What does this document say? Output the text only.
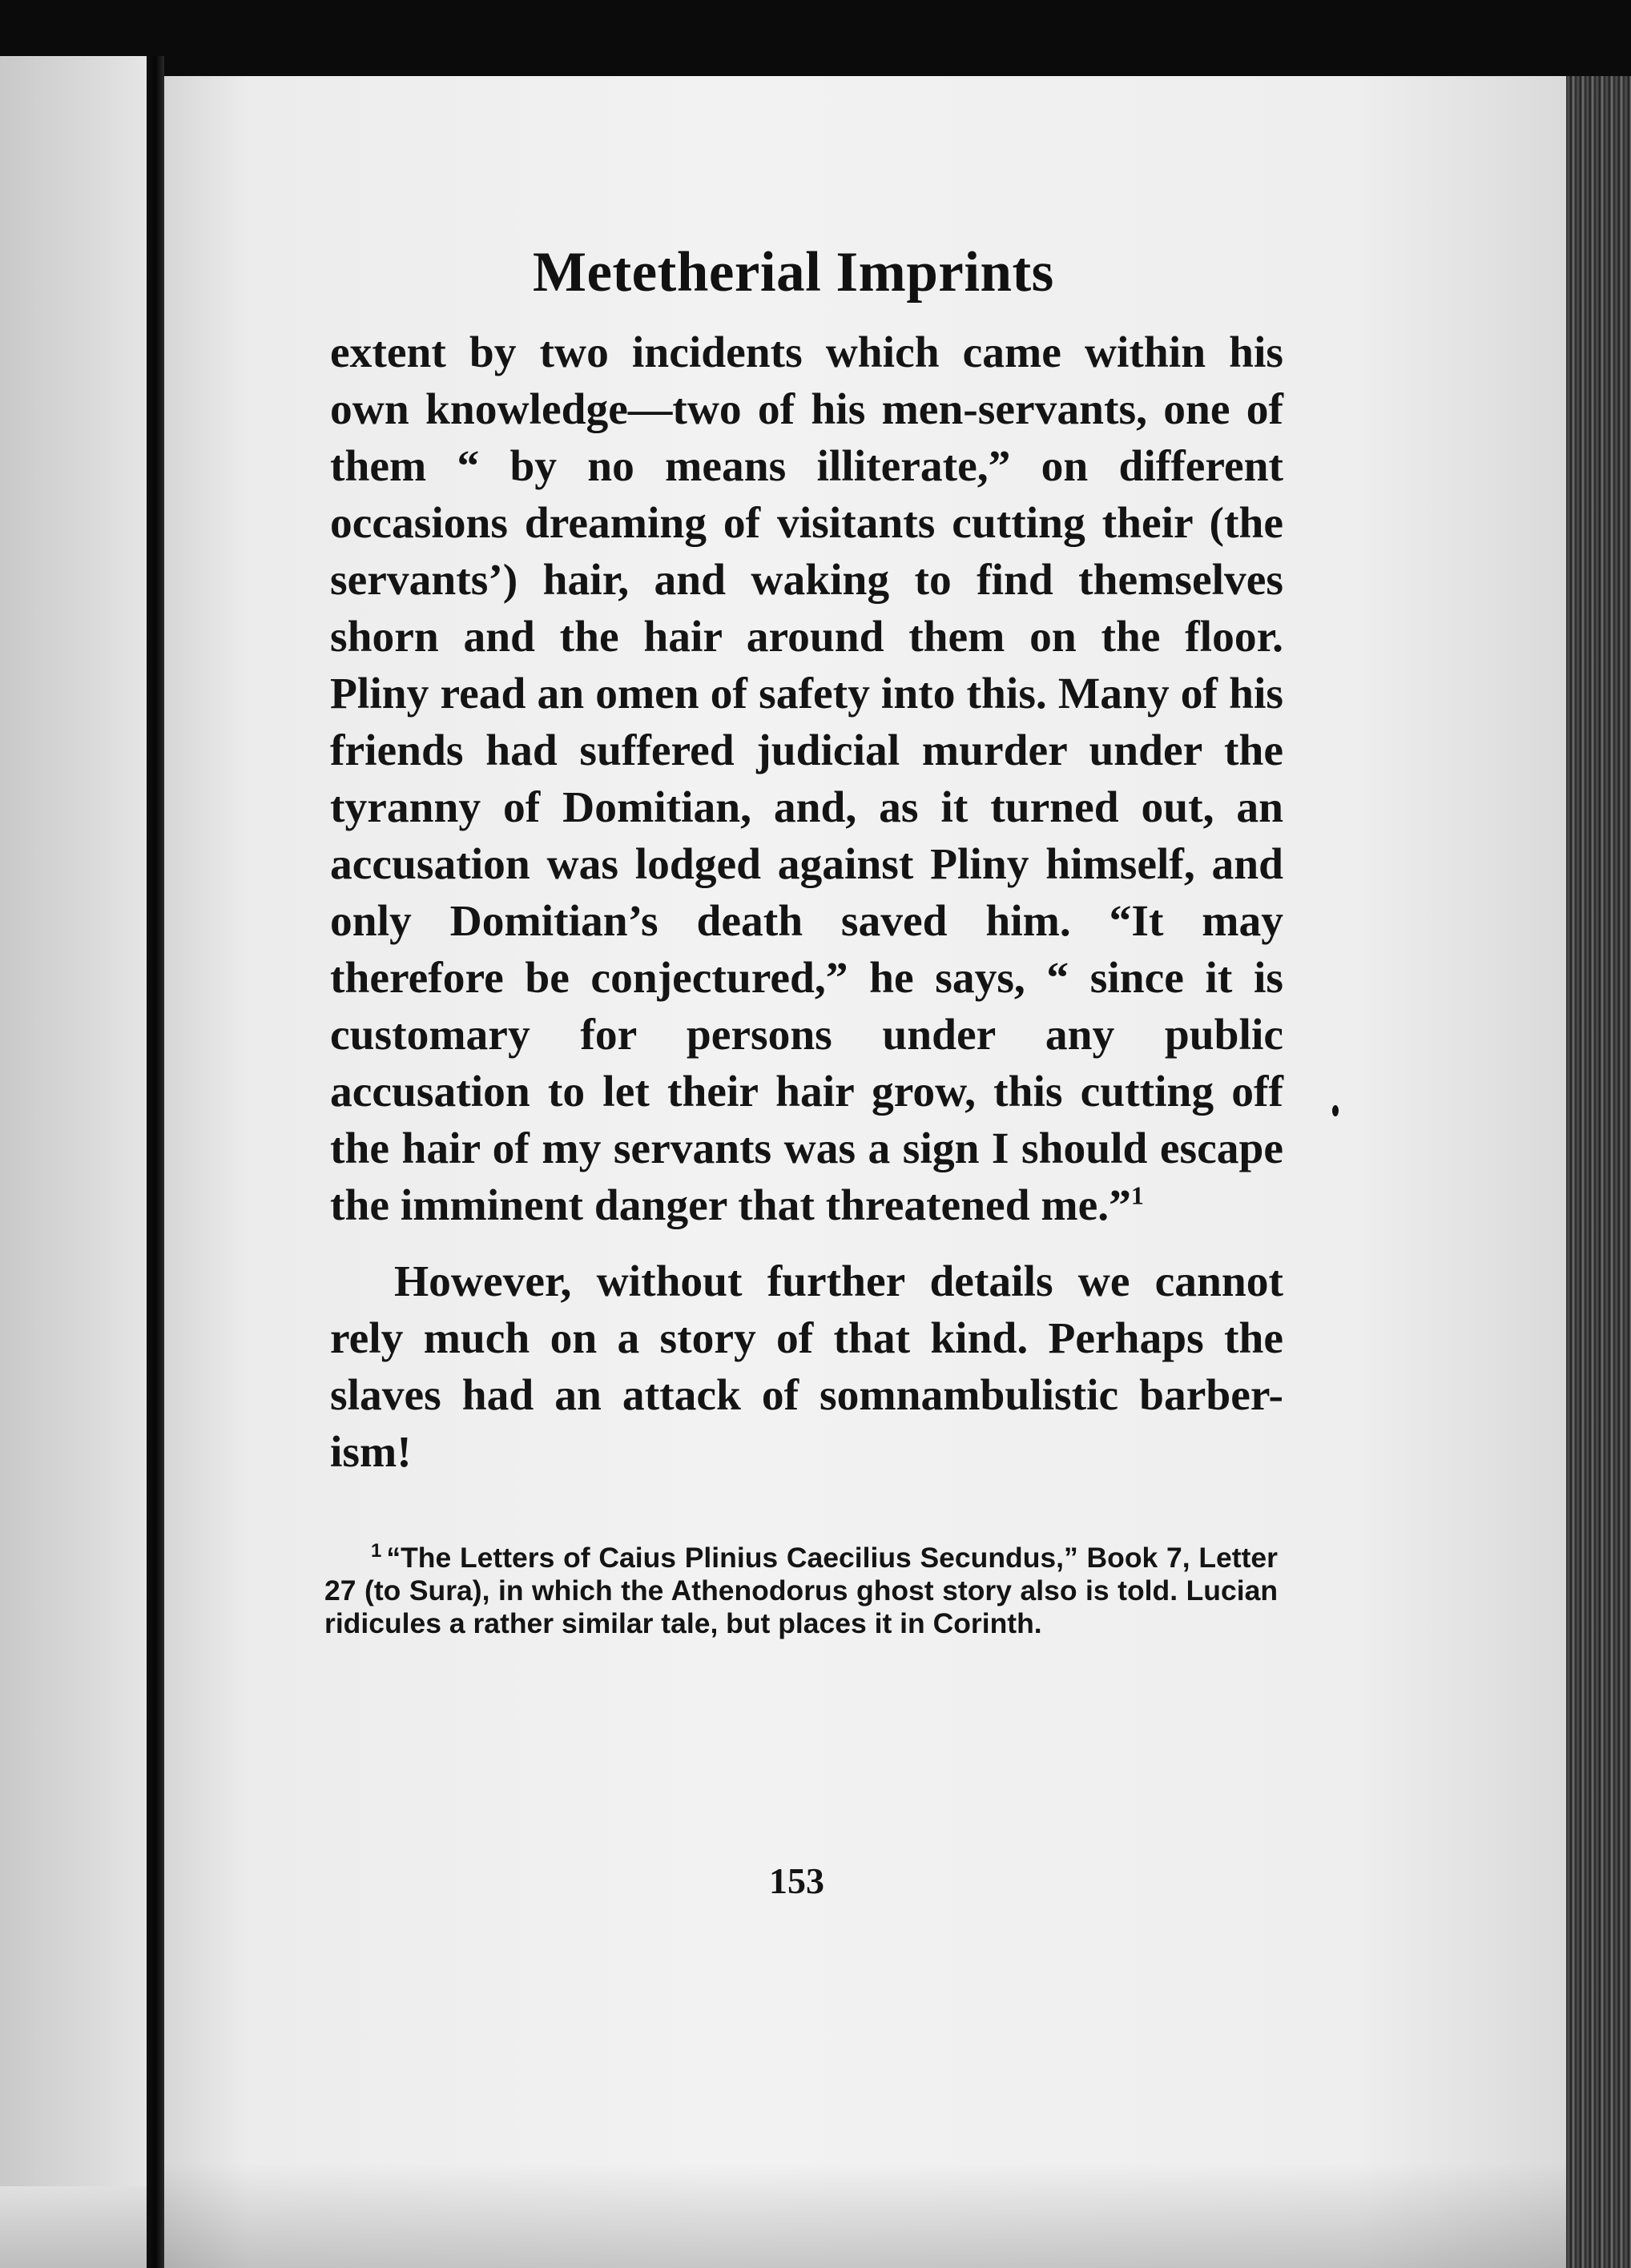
Metetherial Imprints

extent by two incidents which came within his own knowledge—two of his men-servants, one of them “ by no means illiterate,” on different occasions dreaming of visitants cutting their (the servants’) hair, and waking to find themselves shorn and the hair around them on the floor. Pliny read an omen of safety into this. Many of his friends had suffered judicial murder under the tyranny of Domitian, and, as it turned out, an accusation was lodged against Pliny himself, and only Domitian’s death saved him. “It may therefore be conjectured,” he says, “ since it is customary for persons under any public accusation to let their hair grow, this cutting off the hair of my servants was a sign I should escape the imminent danger that threatened me.”$^1$

However, without further details we cannot rely much on a story of that kind. Perhaps the slaves had an attack of somnambulistic barber-ism!

$^1$ “The Letters of Caius Plinius Caecilius Secundus,” Book 7, Letter 27 (to Sura), in which the Athenodorus ghost story also is told. Lucian ridicules a rather similar tale, but places it in Corinth.

153
